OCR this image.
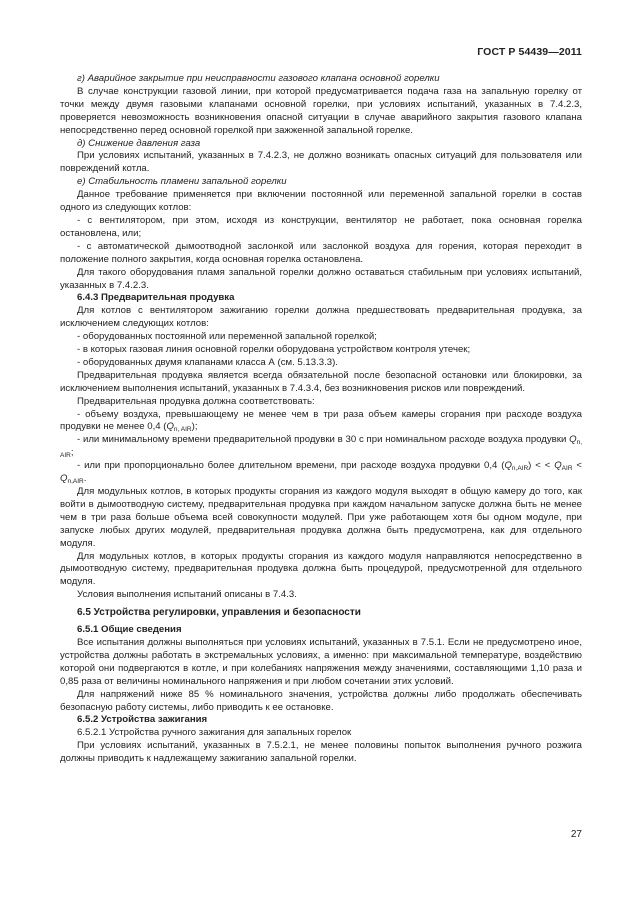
ГОСТ Р 54439—2011

г) Аварийное закрытие при неисправности газового клапана основной горелки

В случае конструкции газовой линии, при которой предусматривается подача газа на запальную горелку от точки между двумя газовыми клапанами основной горелки, при условиях испытаний, указанных в 7.4.2.3, проверяется невозможность возникновения опасной ситуации в случае аварийного закрытия газового клапана непосредственно перед основной горелкой при зажженной запальной горелке.

д) Снижение давления газа

При условиях испытаний, указанных в 7.4.2.3, не должно возникать опасных ситуаций для пользователя или повреждений котла.

е) Стабильность пламени запальной горелки

Данное требование применяется при включении постоянной или переменной запальной горелки в состав одного из следующих котлов:

- с вентилятором, при этом, исходя из конструкции, вентилятор не работает, пока основная горелка остановлена, или;

- с автоматической дымоотводной заслонкой или заслонкой воздуха для горения, которая переходит в положение полного закрытия, когда основная горелка остановлена.

Для такого оборудования пламя запальной горелки должно оставаться стабильным при условиях испытаний, указанных в 7.4.2.3.

6.4.3 Предварительная продувка

Для котлов с вентилятором зажиганию горелки должна предшествовать предварительная продувка, за исключением следующих котлов:

- оборудованных постоянной или переменной запальной горелкой;

- в которых газовая линия основной горелки оборудована устройством контроля утечек;

- оборудованных двумя клапанами класса А (см. 5.13.3.3).

Предварительная продувка является всегда обязательной после безопасной остановки или блокировки, за исключением выполнения испытаний, указанных в 7.4.3.4, без возникновения рисков или повреждений.

Предварительная продувка должна соответствовать:

- объему воздуха, превышающему не менее чем в три раза объем камеры сгорания при расходе воздуха продувки не менее 0,4 $(Q_{n, AIR})$;

- или минимальному времени предварительной продувки в 30 с при номинальном расходе воздуха продувки $Q_{n, AIR}$;

- или при пропорционально более длительном времени, при расходе воздуха продувки 0,4 $(Q_{n,AIR})$ < < $Q_{AIR} < Q_{n,AIR}$.

Для модульных котлов, в которых продукты сгорания из каждого модуля выходят в общую камеру до того, как войти в дымоотводную систему, предварительная продувка при каждом начальном запуске должна быть не менее чем в три раза больше объема всей совокупности модулей. При уже работающем хотя бы одном модуле, при запуске любых других модулей, предварительная продувка должна быть предусмотрена, как для отдельного модуля.

Для модульных котлов, в которых продукты сгорания из каждого модуля направляются непосредственно в дымоотводную систему, предварительная продувка должна быть процедурой, предусмотренной для отдельного модуля.

Условия выполнения испытаний описаны в 7.4.3.

6.5 Устройства регулировки, управления и безопасности

6.5.1 Общие сведения

Все испытания должны выполняться при условиях испытаний, указанных в 7.5.1. Если не предусмотрено иное, устройства должны работать в экстремальных условиях, а именно: при максимальной температуре, воздействию которой они подвергаются в котле, и при колебаниях напряжения между значениями, составляющими 1,10 раза и 0,85 раза от величины номинального напряжения и при любом сочетании этих условий.

Для напряжений ниже 85 % номинального значения, устройства должны либо продолжать обеспечивать безопасную работу системы, либо приводить к ее остановке.

6.5.2 Устройства зажигания

6.5.2.1 Устройства ручного зажигания для запальных горелок

При условиях испытаний, указанных в 7.5.2.1, не менее половины попыток выполнения ручного розжига должны приводить к надлежащему зажиганию запальной горелки.

27
